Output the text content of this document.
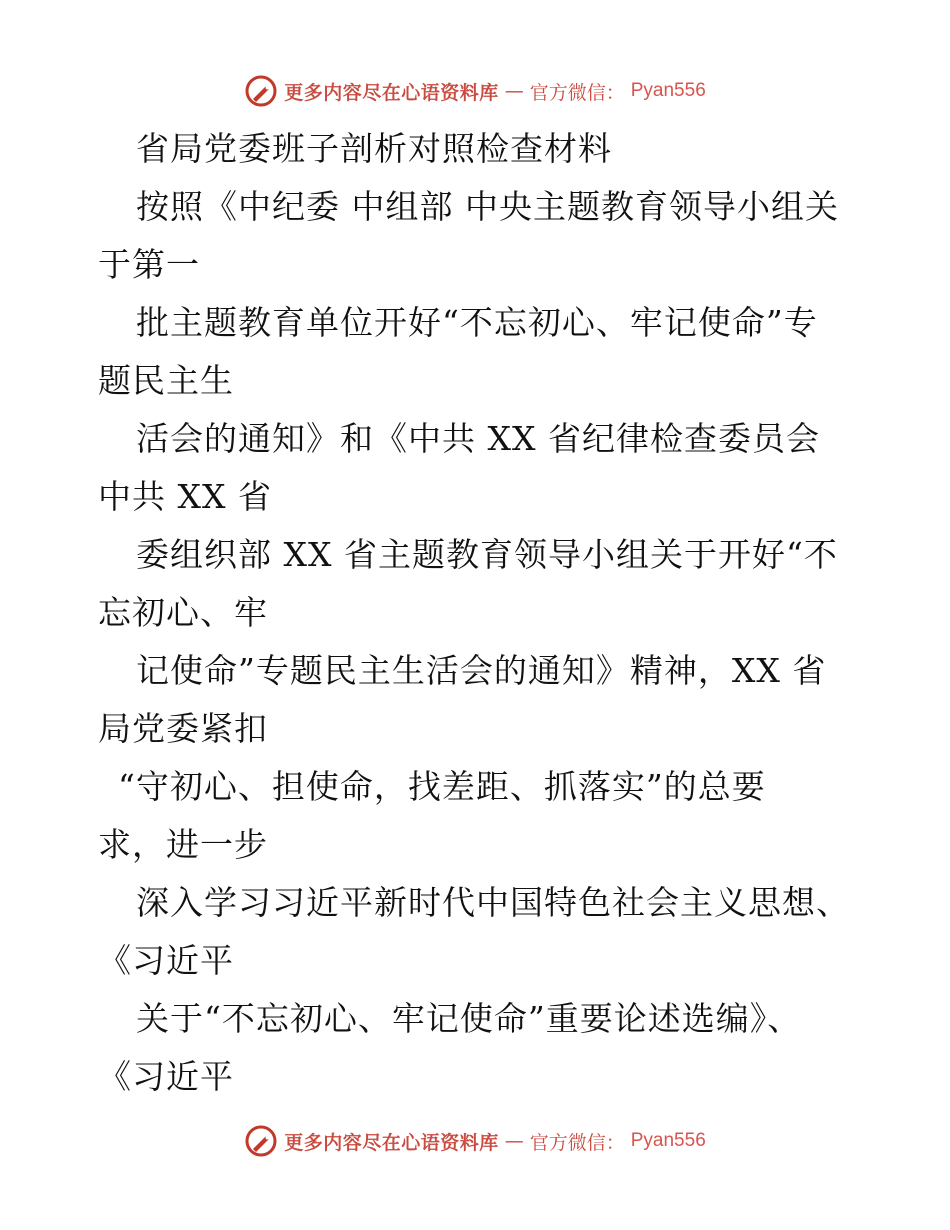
更多内容尽在心语资料库 — 官方微信： Pyan556
省局党委班子剖析对照检查材料
按照《中纪委 中组部 中央主题教育领导小组关
于第一
批主题教育单位开好“不忘初心、牢记使命”专
题民主生
活会的通知》和《中共 XX 省纪律检查委员会
中共 XX 省
委组织部 XX 省主题教育领导小组关于开好“不
忘初心、牢
记使命”专题民主生活会的通知》精神，XX 省
局党委紧扣
“守初心、担使命，找差距、抓落实”的总要
求，进一步
深入学习习近平新时代中国特色社会主义思想、
《习近平
关于“不忘初心、牢记使命”重要论述选编》、
《习近平
更多内容尽在心语资料库 — 官方微信： Pyan556
